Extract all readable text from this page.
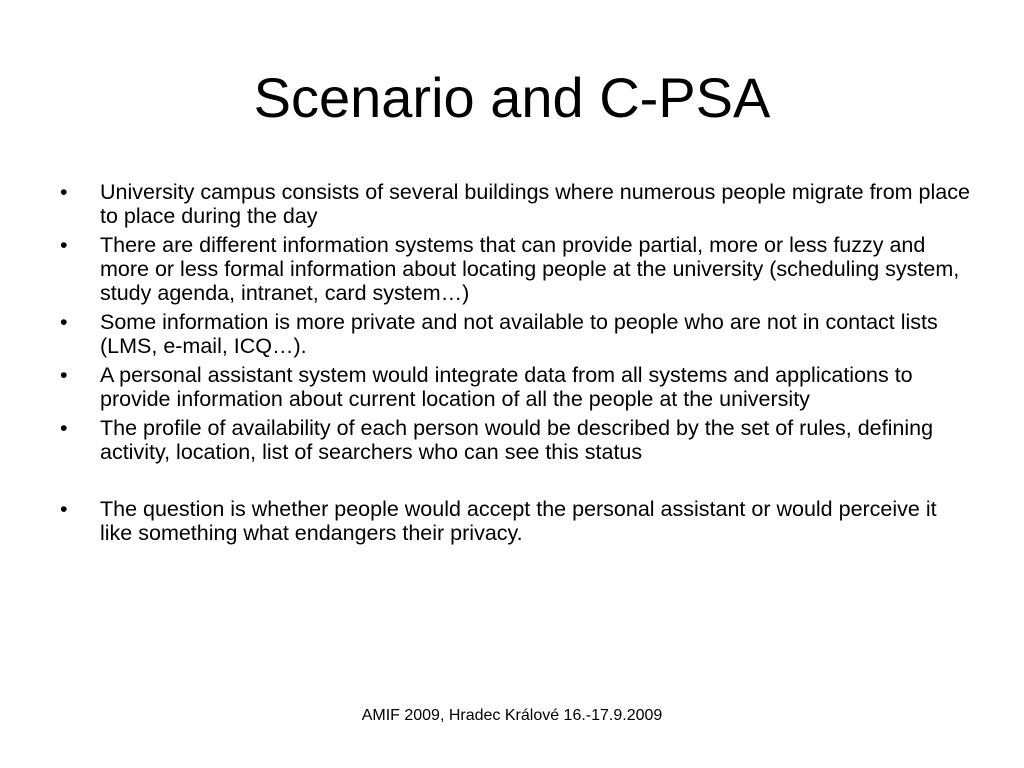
Scenario and C-PSA
•	University campus consists of several buildings where numerous people migrate from place to place during the day
•	There are different information systems that can provide partial, more or less fuzzy and more or less formal information about locating people at the university (scheduling system, study agenda, intranet, card system…)
•	Some information is more private and not available to people who are not in contact lists (LMS, e-mail, ICQ…).
•	A personal assistant system would integrate data from all systems and applications to provide information about current location of all the people at the university
•	The profile of availability of each person would be described by the set of rules, defining activity, location, list of searchers who can see this status
•	The question is whether people would accept the personal assistant or would perceive it like something what endangers their privacy.
AMIF 2009, Hradec Králové 16.-17.9.2009
